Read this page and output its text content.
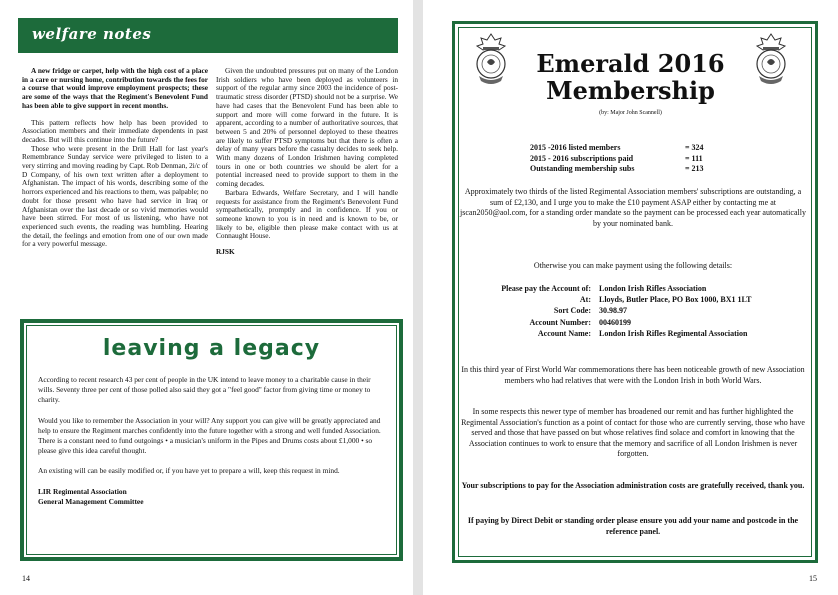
welfare notes

A new fridge or carpet, help with the high cost of a place in a care or nursing home, contribution towards the fees for a course that would improve employment prospects; these are some of the ways that the Regiment's Benevolent Fund has been able to give support in recent months.

This pattern reflects how help has been provided to Association members and their immediate dependents in past decades. But will this continue into the future?

Those who were present in the Drill Hall for last year's Remembrance Sunday service were privileged to listen to a very stirring and moving reading by Capt. Rob Denman, 2i/c of D Company, of his own text written after a deployment to Afghanistan. The impact of his words, describing some of the horrors experienced and his reactions to them, was palpable; no doubt for those present who have had service in Iraq or Afghanistan over the last decade or so vivid memories would have been stirred. For most of us listening, who have not experienced such events, the reading was humbling. Hearing the detail, the feelings and emotion from one of our own made for a very powerful message.

Given the undoubted pressures put on many of the London Irish soldiers who have been deployed as volunteers in support of the regular army since 2003 the incidence of post-traumatic stress disorder (PTSD) should not be a surprise. We have had cases that the Benevolent Fund has been able to support and more will come forward in the future. It is apparent, according to a number of authoritative sources, that between 5 and 20% of personnel deployed to these theatres are likely to suffer PTSD symptoms but that there is often a delay of many years before the casualty decides to seek help. With many dozens of London Irishmen having completed tours in one or both countries we should be alert for a potential increased need to provide support to them in the coming decades.

Barbara Edwards, Welfare Secretary, and I will handle requests for assistance from the Regiment's Benevolent Fund sympathetically, promptly and in confidence. If you or someone known to you is in need and is known to be, or likely to be, eligible then please make contact with us at Connaught House.

RJSK

leaving a legacy
According to recent research 43 per cent of people in the UK intend to leave money to a charitable cause in their wills. Seventy three per cent of those polled also said they got a "feel good" factor from giving time or money to charity.
Would you like to remember the Association in your will? Any support you can give will be greatly appreciated and help to ensure the Regiment marches confidently into the future together with a strong and well funded Association. There is a constant need to fund outgoings • a musician's uniform in the Pipes and Drums costs about £1,000 • so please give this idea careful thought.
An existing will can be easily modified or, if you have yet to prepare a will, keep this request in mind.
LIR Regimental Association
General Management Committee
14
Emerald 2016
Membership
(by: Major John Scannell)
2015 -2016 listed members	= 324
2015 - 2016 subscriptions paid	= 111
Outstanding membership subs	= 213
Approximately two thirds of the listed Regimental Association members' subscriptions are outstanding, a sum of £2,130, and I urge you to make the £10 payment ASAP either by contacting me at jscan2050@aol.com, for a standing order mandate so the payment can be processed each year automatically by your nominated bank.
Otherwise you can make payment using the following details:
Please pay the Account of:	London Irish Rifles Association
At:	Lloyds, Butler Place, PO Box 1000, BX1 1LT
Sort Code:	30.98.97
Account Number:	00460199
Account Name:	London Irish Rifles Regimental Association
In this third year of First World War commemorations there has been noticeable growth of new Association members who had relatives that were with the London Irish in both World Wars.
In some respects this newer type of member has broadened our remit and has further highlighted the Regimental Association's function as a point of contact for those who are currently serving, those who have served and those that have passed on but whose relatives find solace and comfort in knowing that the Association continues to work to ensure that the memory and sacrifice of all London Irishmen is never forgotten.
Your subscriptions to pay for the Association administration costs are gratefully received, thank you.
If paying by Direct Debit or standing order please ensure you add your name and postcode in the reference panel.
15
